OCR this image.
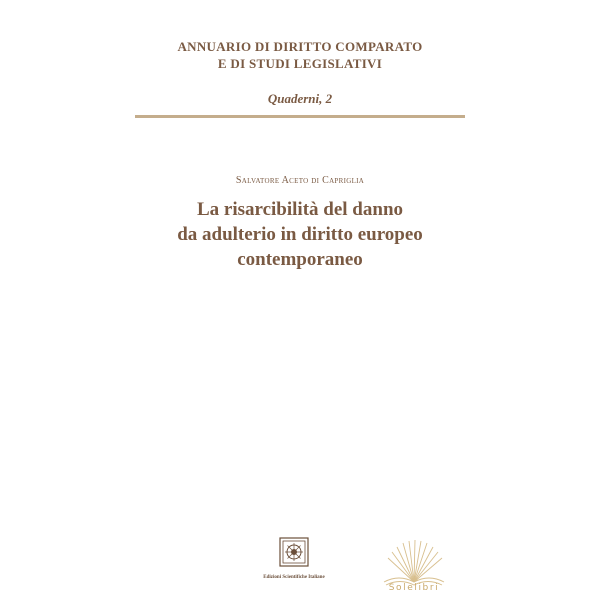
ANNUARIO DI DIRITTO COMPARATO
E DI STUDI LEGISLATIVI
Quaderni, 2
Salvatore Aceto di Capriglia
La risarcibilità del danno
da adulterio in diritto europeo
contemporaneo
Edizioni Scientifiche Italiane
Solelibri
